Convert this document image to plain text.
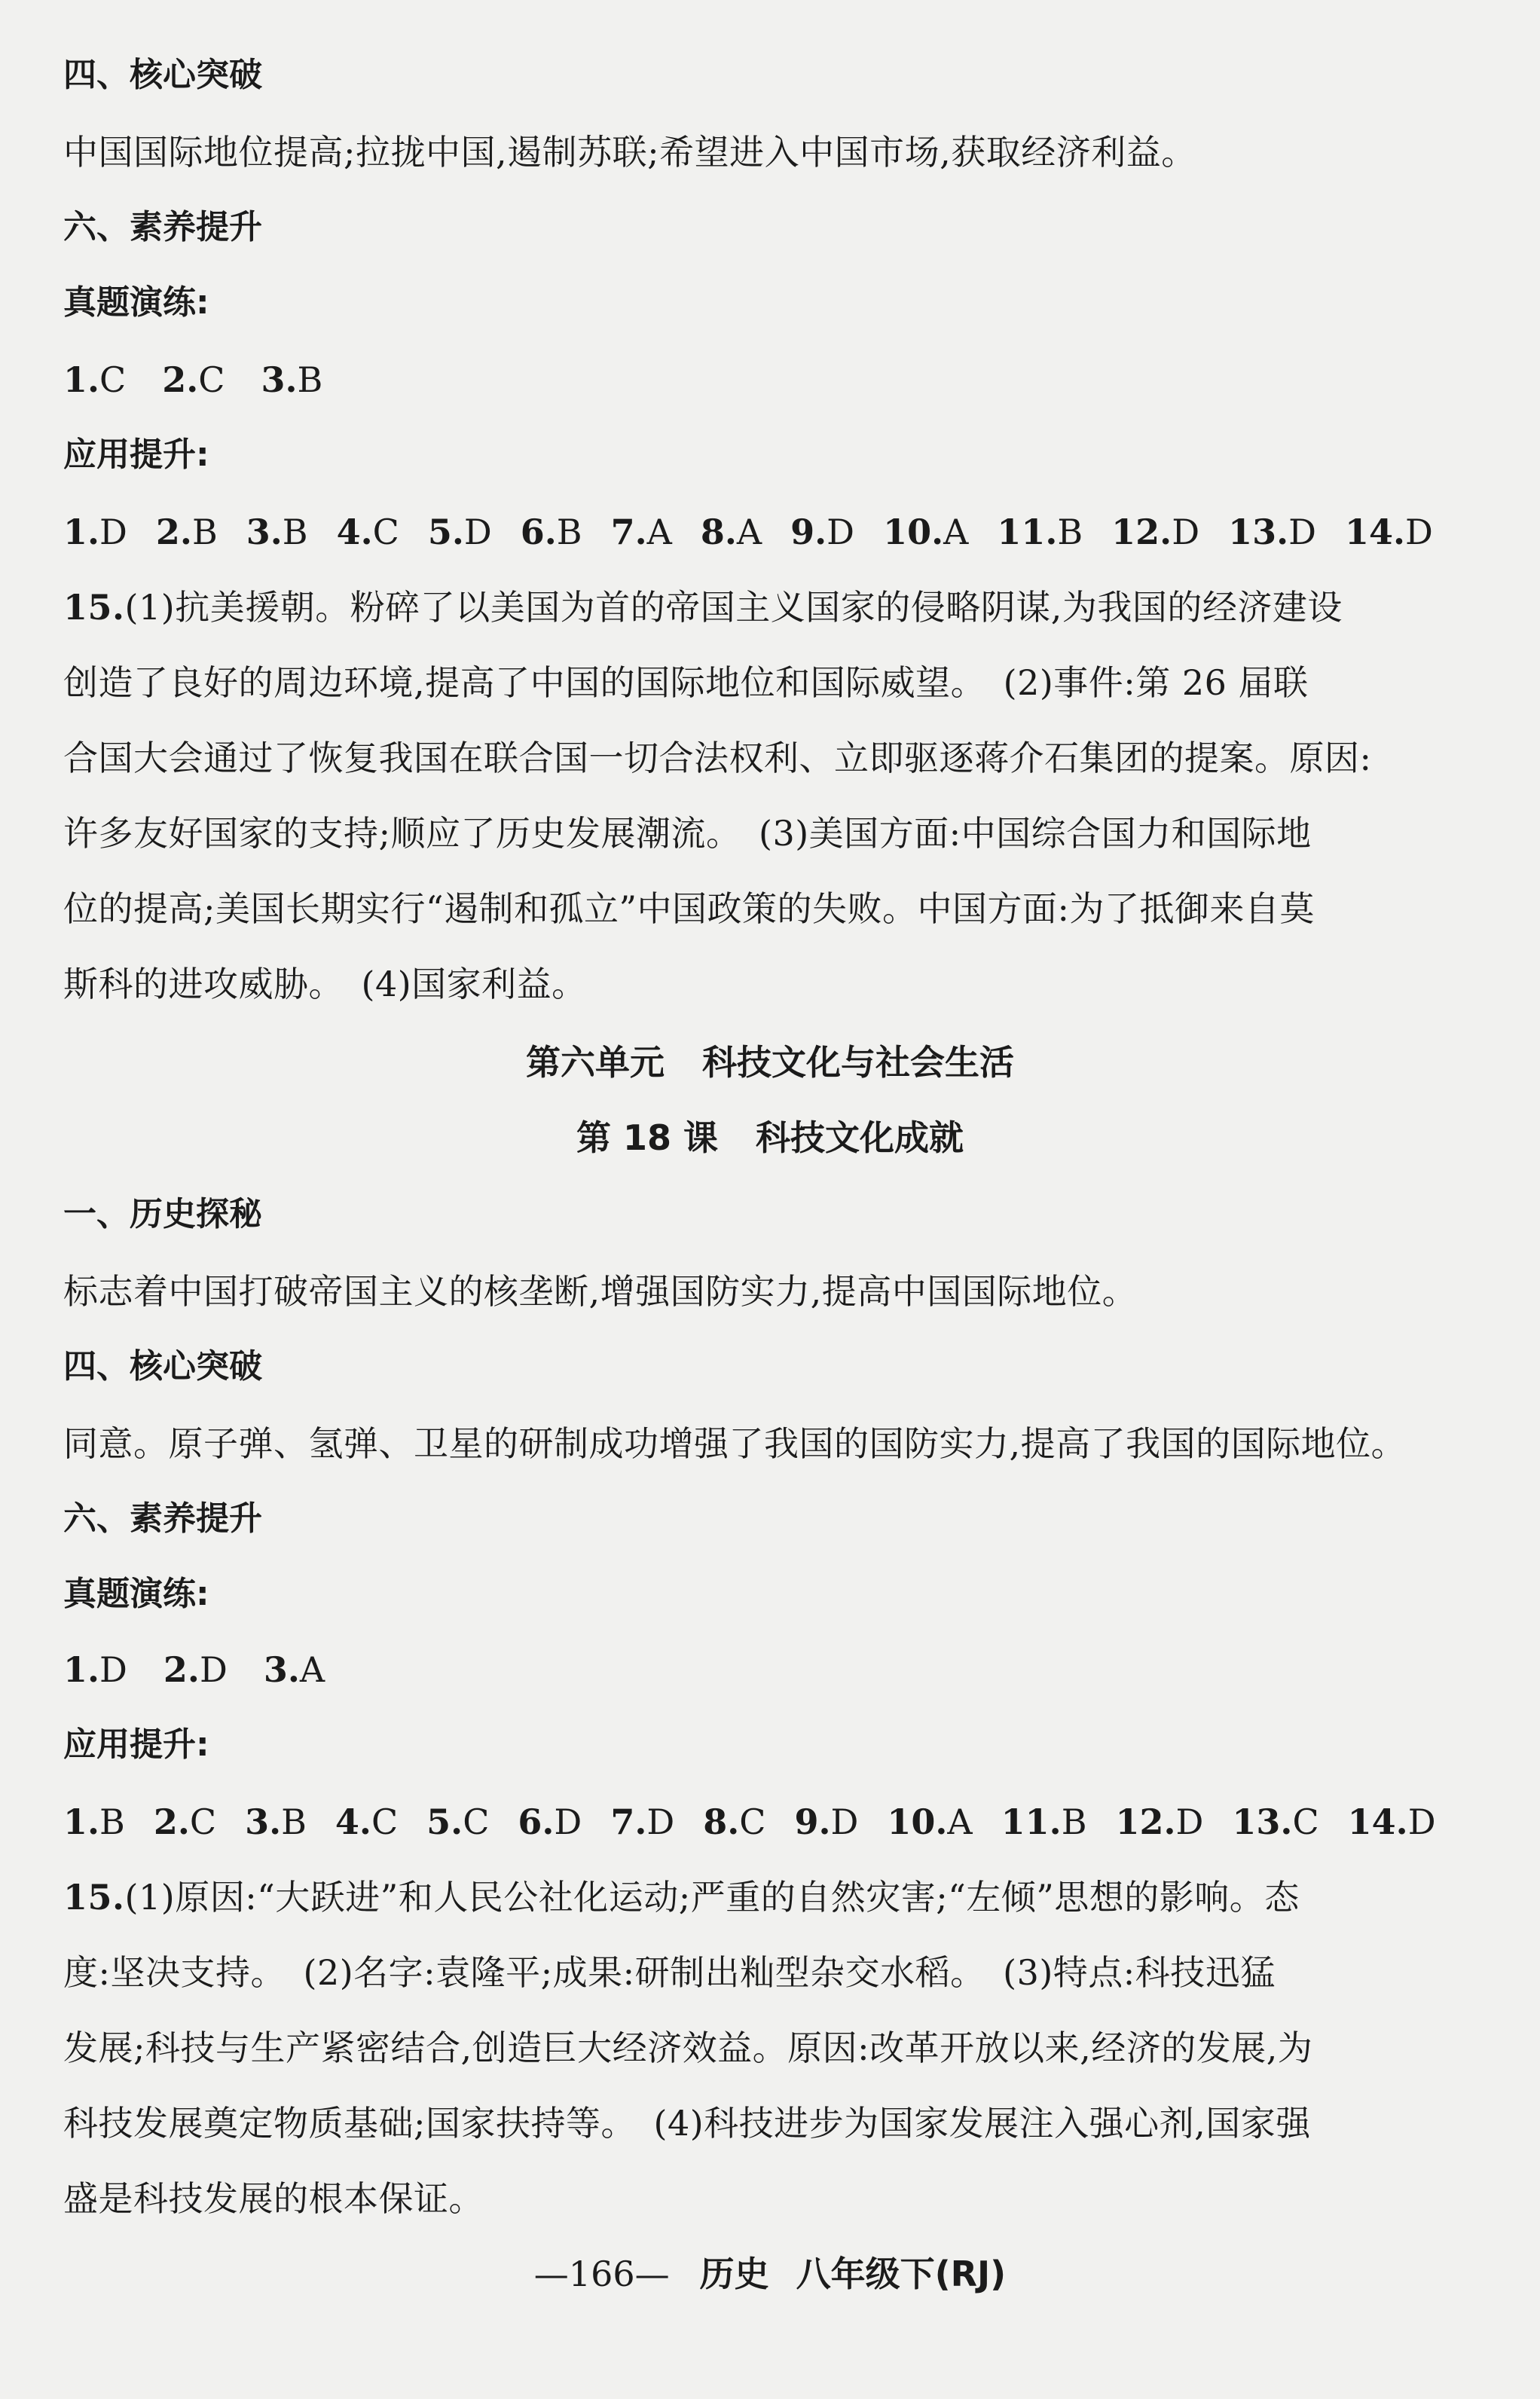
四、核心突破
中国国际地位提高;拉拢中国,遏制苏联;希望进入中国市场,获取经济利益。
六、素养提升
真题演练:
1.C 2.C 3.B
应用提升:
1.D 2.B 3.B 4.C 5.D 6.B 7.A 8.A 9.D 10.A 11.B 12.D 13.D 14.D
15.(1)抗美援朝。粉碎了以美国为首的帝国主义国家的侵略阴谋,为我国的经济建设
创造了良好的周边环境,提高了中国的国际地位和国际威望。　(2)事件:第 26 届联
合国大会通过了恢复我国在联合国一切合法权利、立即驱逐蒋介石集团的提案。原因:
许多友好国家的支持;顺应了历史发展潮流。　(3)美国方面:中国综合国力和国际地
位的提高;美国长期实行“遏制和孤立”中国政策的失败。中国方面:为了抵御来自莫
斯科的进攻威胁。　(4)国家利益。
第六单元 科技文化与社会生活
第 18 课 科技文化成就
一、历史探秘
标志着中国打破帝国主义的核垄断,增强国防实力,提高中国国际地位。
四、核心突破
同意。原子弹、氢弹、卫星的研制成功增强了我国的国防实力,提高了我国的国际地位。
六、素养提升
真题演练:
1.D 2.D 3.A
应用提升:
1.B 2.C 3.B 4.C 5.C 6.D 7.D 8.C 9.D 10.A 11.B 12.D 13.C 14.D
15.(1)原因:“大跃进”和人民公社化运动;严重的自然灾害;“左倾”思想的影响。态
度:坚决支持。　(2)名字:袁隆平;成果:研制出籼型杂交水稻。　(3)特点:科技迅猛
发展;科技与生产紧密结合,创造巨大经济效益。原因:改革开放以来,经济的发展,为
科技发展奠定物质基础;国家扶持等。　(4)科技进步为国家发展注入强心剂,国家强
盛是科技发展的根本保证。
—166— 历史 八年级下(RJ)
